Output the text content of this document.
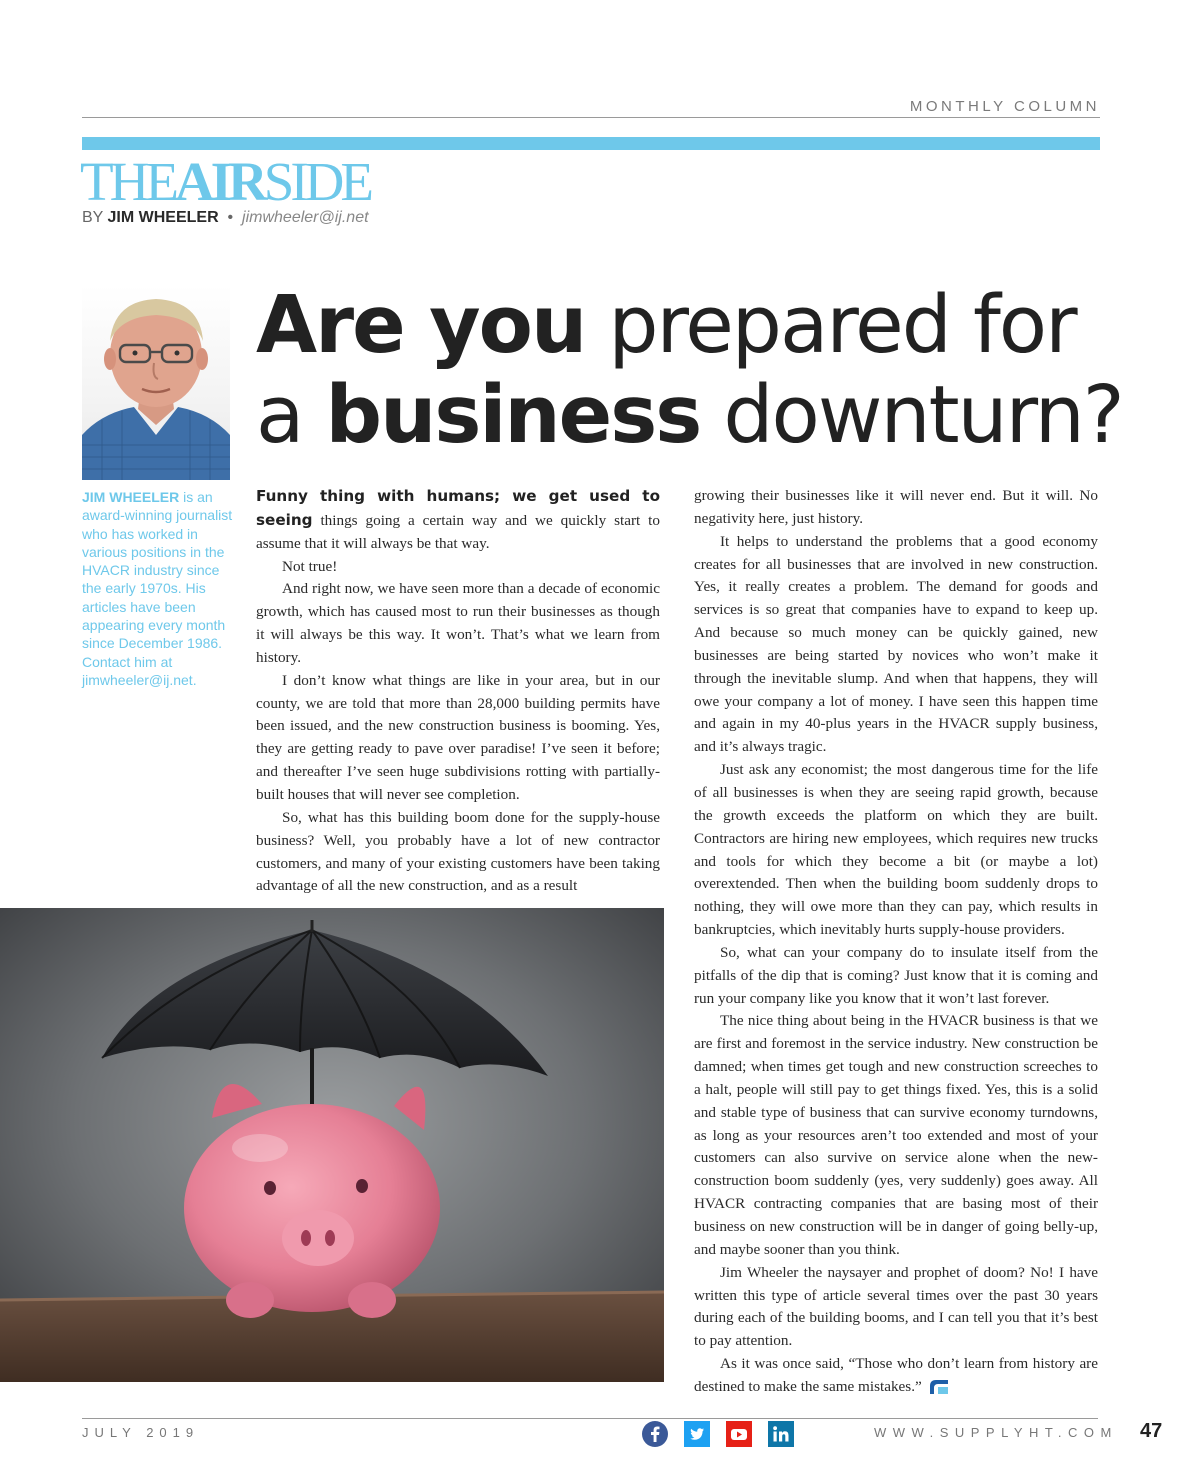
MONTHLY COLUMN
THEAIRSIDE
BY JIM WHEELER • jimwheeler@ij.net
JIM WHEELER is an award-winning journalist who has worked in various positions in the HVACR industry since the early 1970s. His articles have been appearing every month since December 1986. Contact him at jimwheeler@ij.net.
Are you prepared for
a business downturn?

Funny thing with humans; we get used to seeing things going a certain way and we quickly start to assume that it will always be that way.

Not true!

And right now, we have seen more than a decade of economic growth, which has caused most to run their businesses as though it will always be this way. It won’t. That’s what we learn from history.

I don’t know what things are like in your area, but in our county, we are told that more than 28,000 building permits have been issued, and the new construction business is booming. Yes, they are getting ready to pave over paradise! I’ve seen it before; and thereafter I’ve seen huge subdivisions rotting with partially-built houses that will never see completion.

So, what has this building boom done for the supply-house business? Well, you probably have a lot of new contractor customers, and many of your existing customers have been taking advantage of all the new construction, and as a result

growing their businesses like it will never end. But it will. No negativity here, just history.

It helps to understand the problems that a good economy creates for all businesses that are involved in new construction. Yes, it really creates a problem. The demand for goods and services is so great that companies have to expand to keep up. And because so much money can be quickly gained, new businesses are being started by novices who won’t make it through the inevitable slump. And when that happens, they will owe your company a lot of money. I have seen this happen time and again in my 40-plus years in the HVACR supply business, and it’s always tragic.

Just ask any economist; the most dangerous time for the life of all businesses is when they are seeing rapid growth, because the growth exceeds the platform on which they are built. Contractors are hiring new employees, which requires new trucks and tools for which they become a bit (or maybe a lot) overextended. Then when the building boom suddenly drops to nothing, they will owe more than they can pay, which results in bankruptcies, which inevitably hurts supply-house providers.

So, what can your company do to insulate itself from the pitfalls of the dip that is coming? Just know that it is coming and run your company like you know that it won’t last forever.

The nice thing about being in the HVACR business is that we are first and foremost in the service industry. New construction be damned; when times get tough and new construction screeches to a halt, people will still pay to get things fixed. Yes, this is a solid and stable type of business that can survive economy turndowns, as long as your resources aren’t too extended and most of your customers can also survive on service alone when the new-construction boom suddenly (yes, very suddenly) goes away. All HVACR contracting companies that are basing most of their business on new construction will be in danger of going belly-up, and maybe sooner than you think.

Jim Wheeler the naysayer and prophet of doom? No! I have written this type of article several times over the past 30 years during each of the building booms, and I can tell you that it’s best to pay attention.

As it was once said, “Those who don’t learn from history are destined to make the same mistakes.”

JULY 2019	WWW.SUPPLYHT.COM 47
